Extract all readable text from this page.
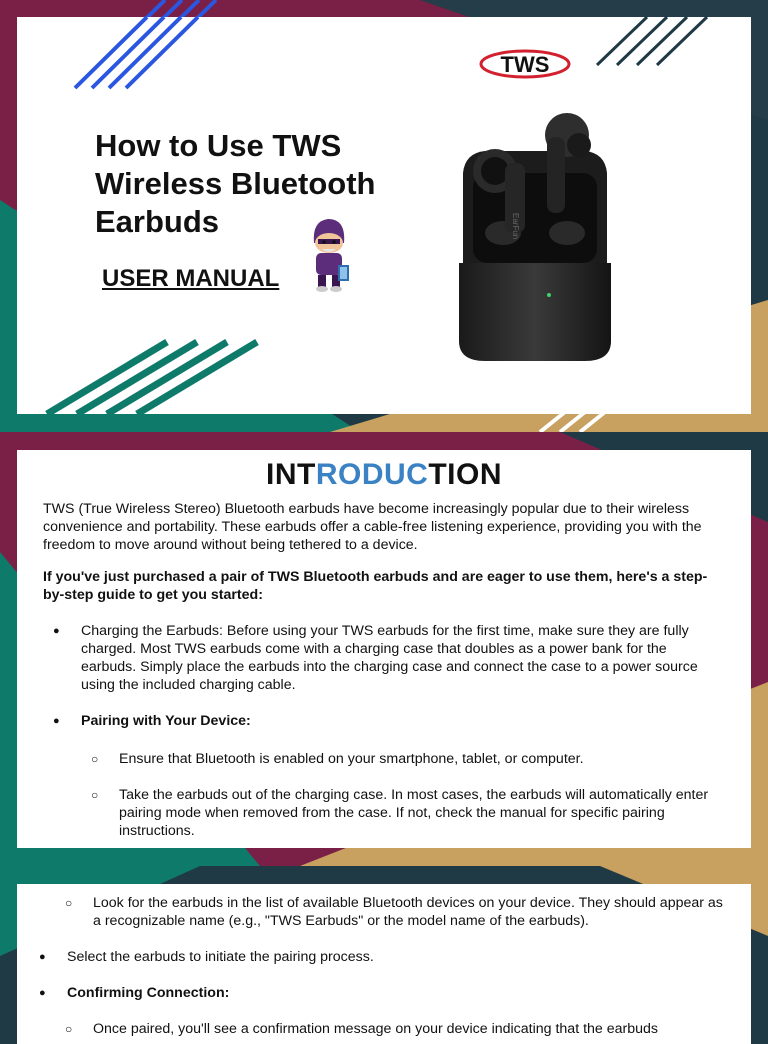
TWS
How to Use TWS Wireless Bluetooth Earbuds
USER MANUAL
EarFun
INTRODUCTION

TWS (True Wireless Stereo) Bluetooth earbuds have become increasingly popular due to their wireless convenience and portability. These earbuds offer a cable-free listening experience, providing you with the freedom to move around without being tethered to a device.

If you've just purchased a pair of TWS Bluetooth earbuds and are eager to use them, here's a step-by-step guide to get you started:

● Charging the Earbuds: Before using your TWS earbuds for the first time, make sure they are fully charged. Most TWS earbuds come with a charging case that doubles as a power bank for the earbuds. Simply place the earbuds into the charging case and connect the case to a power source using the included charging cable.
● Pairing with Your Device:
○ Ensure that Bluetooth is enabled on your smartphone, tablet, or computer.
○ Take the earbuds out of the charging case. In most cases, the earbuds will automatically enter pairing mode when removed from the case. If not, check the manual for specific pairing instructions.
○ Look for the earbuds in the list of available Bluetooth devices on your device. They should appear as a recognizable name (e.g., "TWS Earbuds" or the model name of the earbuds).
● Select the earbuds to initiate the pairing process.
● Confirming Connection:
○ Once paired, you'll see a confirmation message on your device indicating that the earbuds
